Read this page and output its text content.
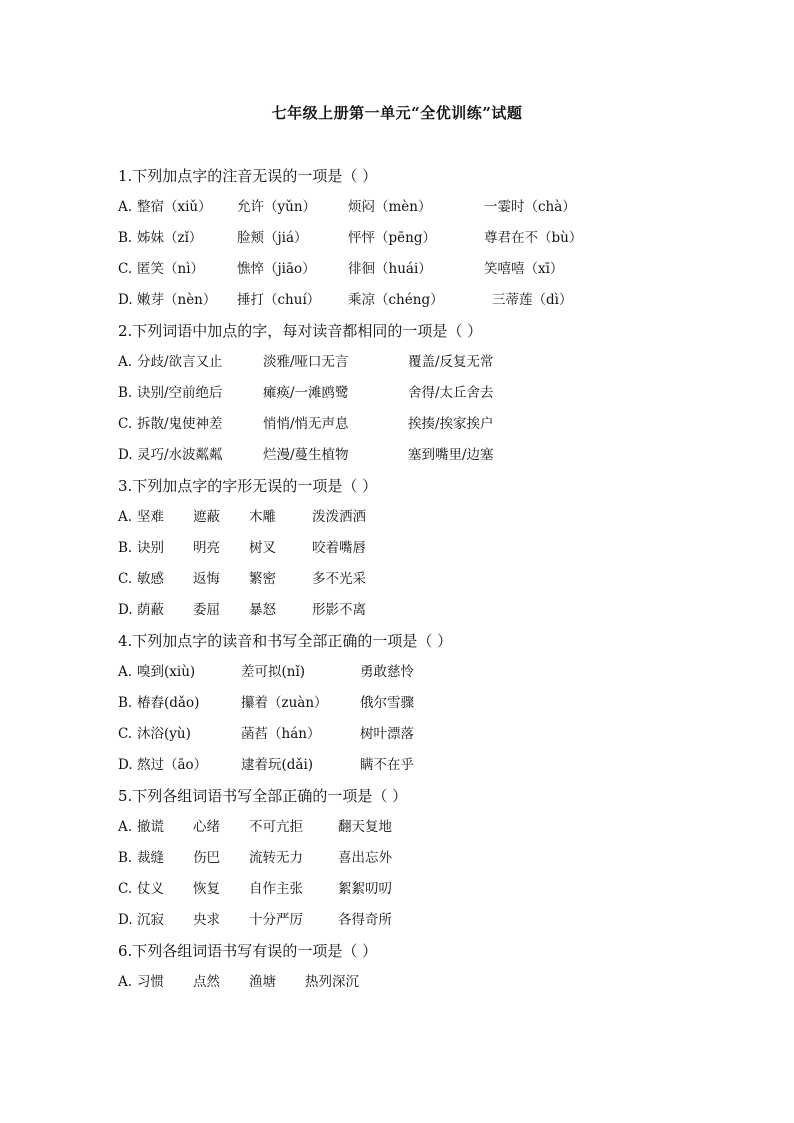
七年级上册第一单元“全优训练”试题
1.下列加点字的注音无误的一项是（ ）
A. 整宿（xiǔ）	允许（yǔn）	烦闷（mèn）	一霎时（chà）
B. 姊妹（zǐ）	脸颊（jiá）	怦怦（pēng）	尊君在不（bù）
C. 匿笑（nì）	憔悴（jiāo）	徘徊（huái）	笑嘻嘻（xī）
D. 嫩芽（nèn）	捶打（chuí）	乘凉（chéng）	三蒂莲（dì）
2.下列词语中加点的字，每对读音都相同的一项是（ ）
A. 分歧/欲言又止	淡雅/哑口无言	覆盖/反复无常
B. 诀别/空前绝后	瘫痪/一滩鸥鹭	舍得/太丘舍去
C. 拆散/鬼使神差	悄悄/悄无声息	挨揍/挨家挨户
D. 灵巧/水波粼粼	烂漫/蔓生植物	塞到嘴里/边塞
3.下列加点字的字形无误的一项是（ ）
A. 坚难	遮蔽	木雕	泼泼洒洒
B. 诀别	明亮	树叉	咬着嘴唇
C. 敏感	返悔	繁密	多不光采
D. 荫蔽	委屈	暴怒	形影不离
4.下列加点字的读音和书写全部正确的一项是（ ）
A. 嗅到(xiù)	差可拟(nǐ)	勇敢慈怜
B. 椿舂(dǎo)	攥着（zuàn）	俄尔雪骤
C. 沐浴(yù)	菡萏（hán）	树叶漂落
D. 熬过（āo）	逮着玩(dǎi)	瞒不在乎
5.下列各组词语书写全部正确的一项是（ ）
A. 撤谎	心绪	不可亢拒	翻天复地
B. 裁缝	伤巴	流转无力	喜出忘外
C. 仗义	恢复	自作主张	絮絮叨叨
D. 沉寂	央求	十分严厉	各得奇所
6.下列各组词语书写有误的一项是（ ）
A. 习惯	点然	渔塘	热列深沉
